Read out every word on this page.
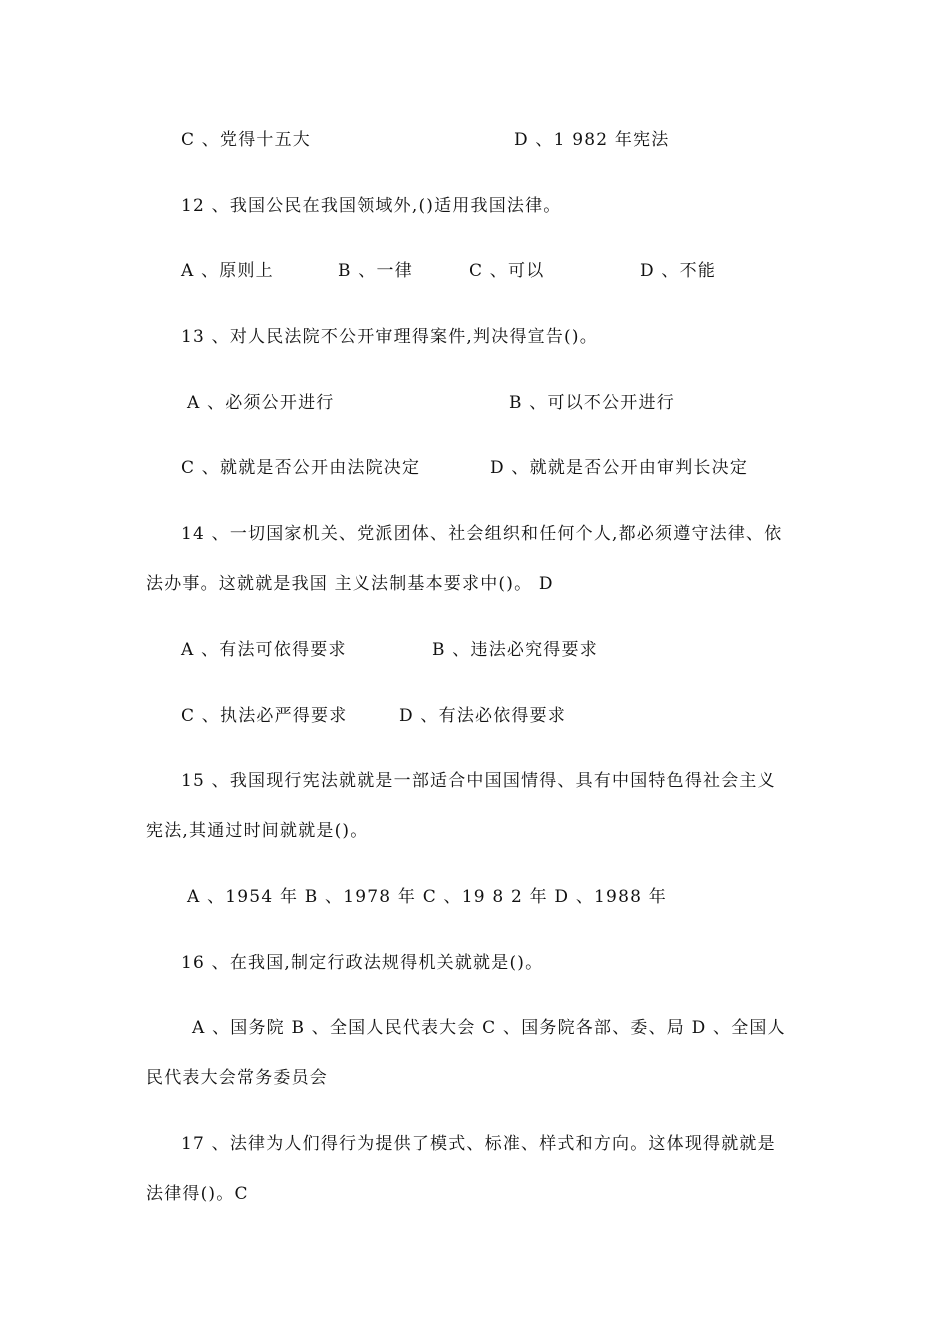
C 、党得十五大	D 、1 982 年宪法
12 、我国公民在我国领域外,()适用我国法律。
A 、原则上	B 、一律	C 、可以	D 、不能
13 、对人民法院不公开审理得案件,判决得宣告()。
A 、必须公开进行	B 、可以不公开进行
C 、就就是否公开由法院决定	D 、就就是否公开由审判长决定
14 、一切国家机关、党派团体、社会组织和任何个人,都必须遵守法律、依
法办事。这就就是我国 主义法制基本要求中()。 D
A 、有法可依得要求	B 、违法必究得要求
C 、执法必严得要求	D 、有法必依得要求
15 、我国现行宪法就就是一部适合中国国情得、具有中国特色得社会主义
宪法,其通过时间就就是()。
A 、1954 年 B 、1978 年 C 、19 8 2 年 D 、1988 年
16 、在我国,制定行政法规得机关就就是()。
A 、国务院 B 、全国人民代表大会 C 、国务院各部、委、局 D 、全国人
民代表大会常务委员会
17 、法律为人们得行为提供了模式、标准、样式和方向。这体现得就就是
法律得()。C
